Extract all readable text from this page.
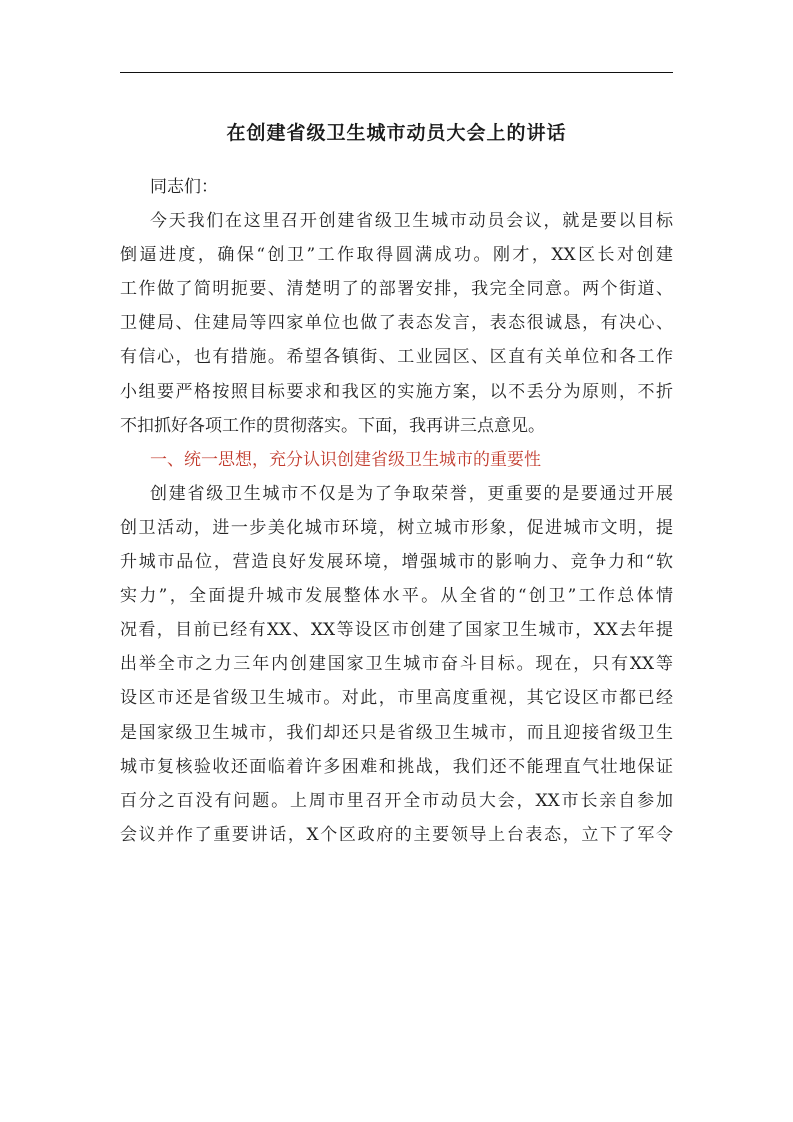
在创建省级卫生城市动员大会上的讲话
同志们：
今天我们在这里召开创建省级卫生城市动员会议，就是要以目标
倒逼进度，确保“创卫”工作取得圆满成功。刚才，XX区长对创建
工作做了简明扼要、清楚明了的部署安排，我完全同意。两个街道、
卫健局、住建局等四家单位也做了表态发言，表态很诚恳，有决心、
有信心，也有措施。希望各镇街、工业园区、区直有关单位和各工作
小组要严格按照目标要求和我区的实施方案，以不丢分为原则，不折
不扣抓好各项工作的贯彻落实。下面，我再讲三点意见。
一、统一思想，充分认识创建省级卫生城市的重要性
创建省级卫生城市不仅是为了争取荣誉，更重要的是要通过开展
创卫活动，进一步美化城市环境，树立城市形象，促进城市文明，提
升城市品位，营造良好发展环境，增强城市的影响力、竞争力和“软
实力”，全面提升城市发展整体水平。从全省的“创卫”工作总体情
况看，目前已经有XX、XX等设区市创建了国家卫生城市，XX去年提
出举全市之力三年内创建国家卫生城市奋斗目标。现在，只有XX等
设区市还是省级卫生城市。对此，市里高度重视，其它设区市都已经
是国家级卫生城市，我们却还只是省级卫生城市，而且迎接省级卫生
城市复核验收还面临着许多困难和挑战，我们还不能理直气壮地保证
百分之百没有问题。上周市里召开全市动员大会，XX市长亲自参加
会议并作了重要讲话，X个区政府的主要领导上台表态，立下了军令
